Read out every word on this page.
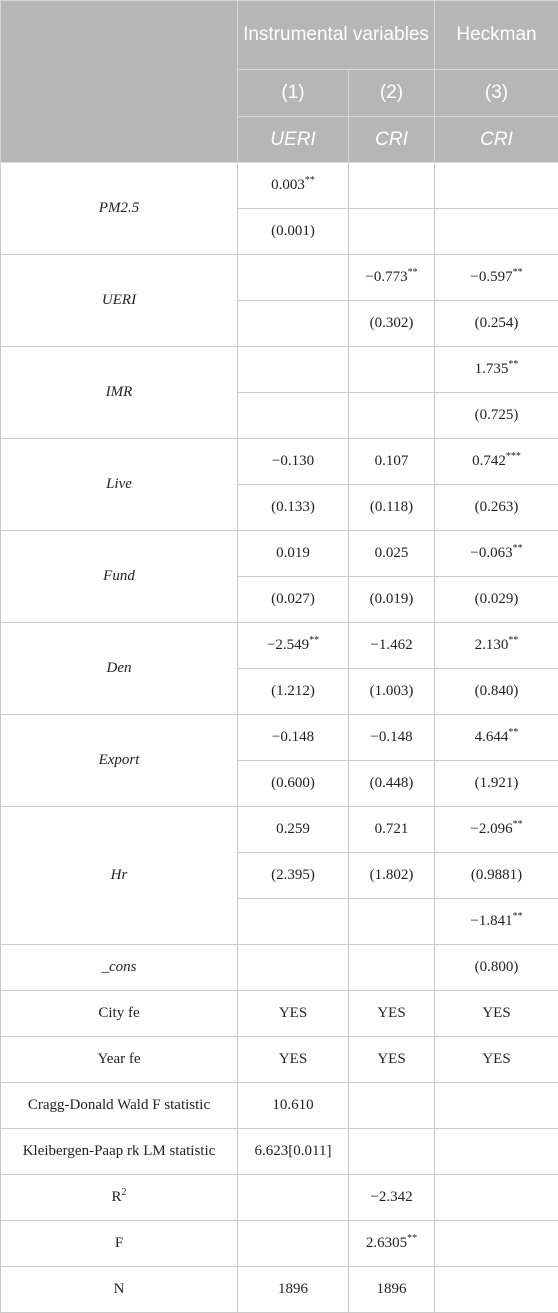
	Instrumental variables		Heckman
	(1)	(2)	(3)
	UERI	CRI	CRI
PM2.5	0.003**		
	(0.001)		
UERI		−0.773**	−0.597**
		(0.302)	(0.254)
IMR			1.735**
			(0.725)
Live	−0.130	0.107	0.742***
	(0.133)	(0.118)	(0.263)
Fund	0.019	0.025	−0.063**
	(0.027)	(0.019)	(0.029)
Den	−2.549**	−1.462	2.130**
	(1.212)	(1.003)	(0.840)
Export	−0.148	−0.148	4.644**
	(0.600)	(0.448)	(1.921)
Hr	0.259	0.721	−2.096**
	(2.395)	(1.802)	(0.9881)
			−1.841**
_cons			(0.800)
City fe	YES	YES	YES
Year fe	YES	YES	YES
Cragg-Donald Wald F statistic	10.610		
Kleibergen-Paap rk LM statistic	6.623[0.011]		
$R^2$		−2.342	
F		2.6305**	
N	1896	1896	
